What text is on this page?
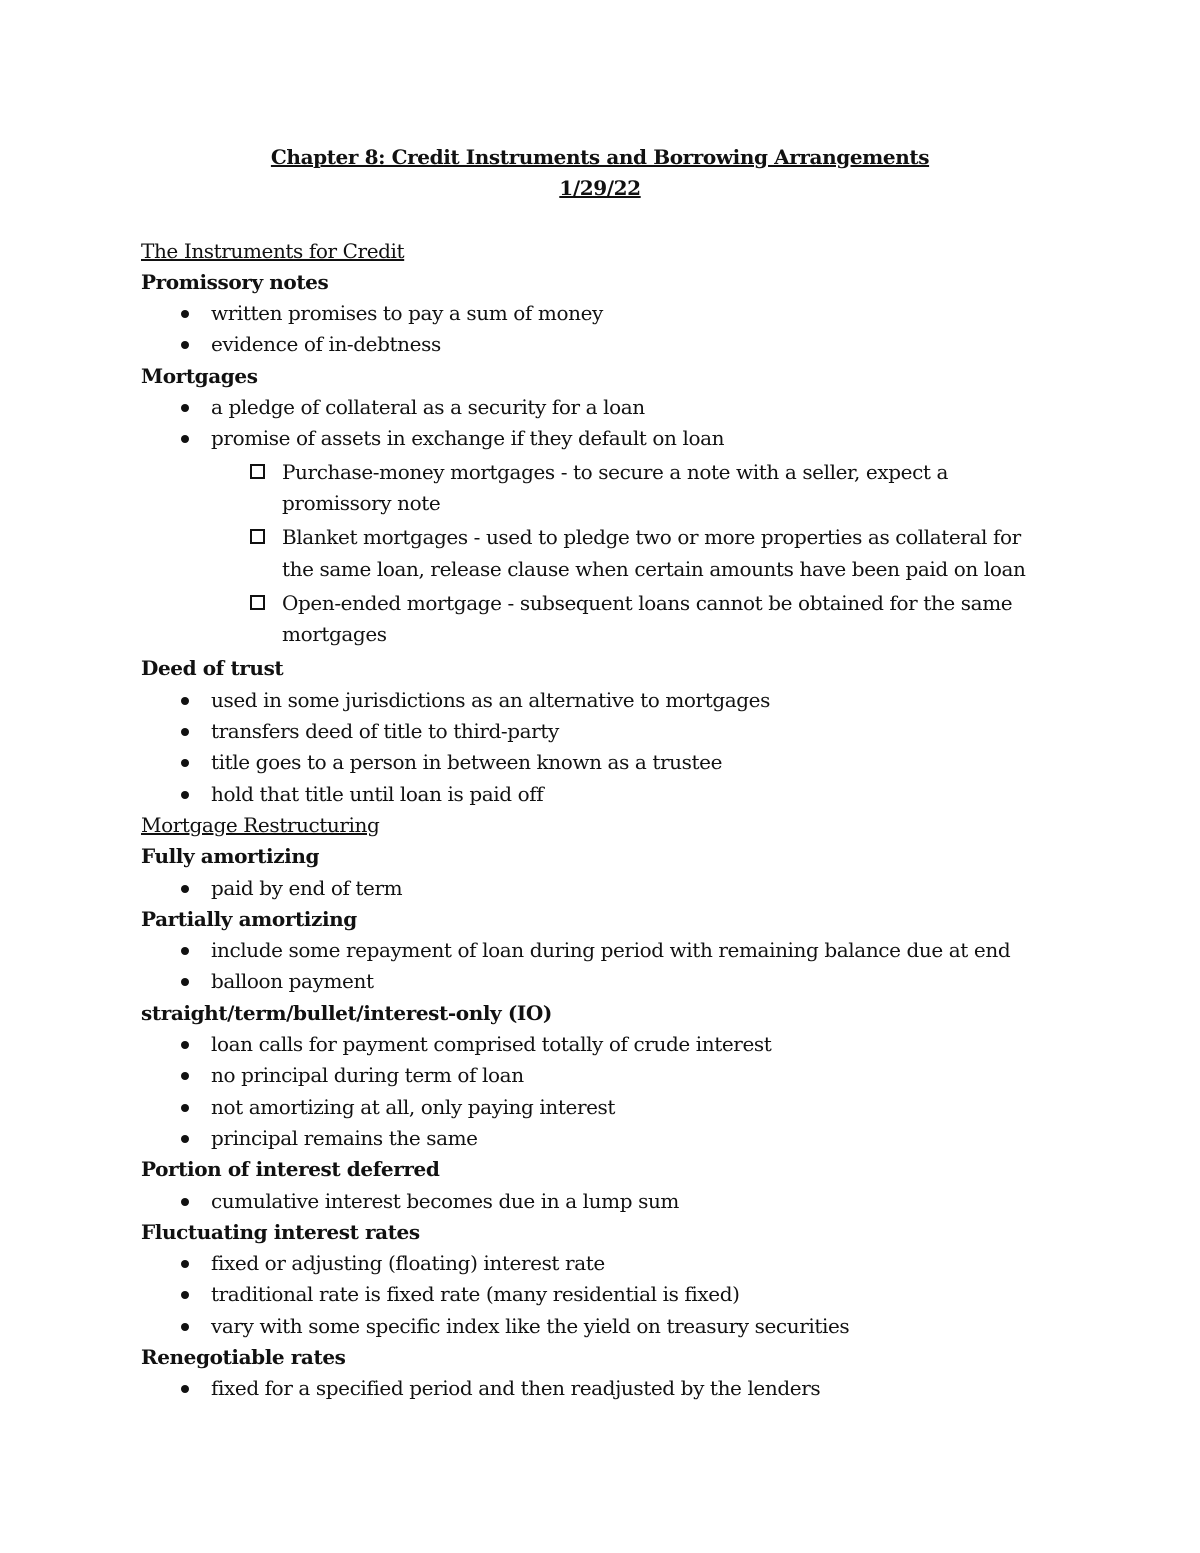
Chapter 8: Credit Instruments and Borrowing Arrangements
1/29/22
The Instruments for Credit
Promissory notes
written promises to pay a sum of money
evidence of in-debtness
Mortgages
a pledge of collateral as a security for a loan
promise of assets in exchange if they default on loan
Purchase-money mortgages - to secure a note with a seller, expect a promissory note
Blanket mortgages - used to pledge two or more properties as collateral for the same loan, release clause when certain amounts have been paid on loan
Open-ended mortgage - subsequent loans cannot be obtained for the same mortgages
Deed of trust
used in some jurisdictions as an alternative to mortgages
transfers deed of title to third-party
title goes to a person in between known as a trustee
hold that title until loan is paid off
Mortgage Restructuring
Fully amortizing
paid by end of term
Partially amortizing
include some repayment of loan during period with remaining balance due at end
balloon payment
straight/term/bullet/interest-only (IO)
loan calls for payment comprised totally of crude interest
no principal during term of loan
not amortizing at all, only paying interest
principal remains the same
Portion of interest deferred
cumulative interest becomes due in a lump sum
Fluctuating interest rates
fixed or adjusting (floating) interest rate
traditional rate is fixed rate (many residential is fixed)
vary with some specific index like the yield on treasury securities
Renegotiable rates
fixed for a specified period and then readjusted by the lenders
